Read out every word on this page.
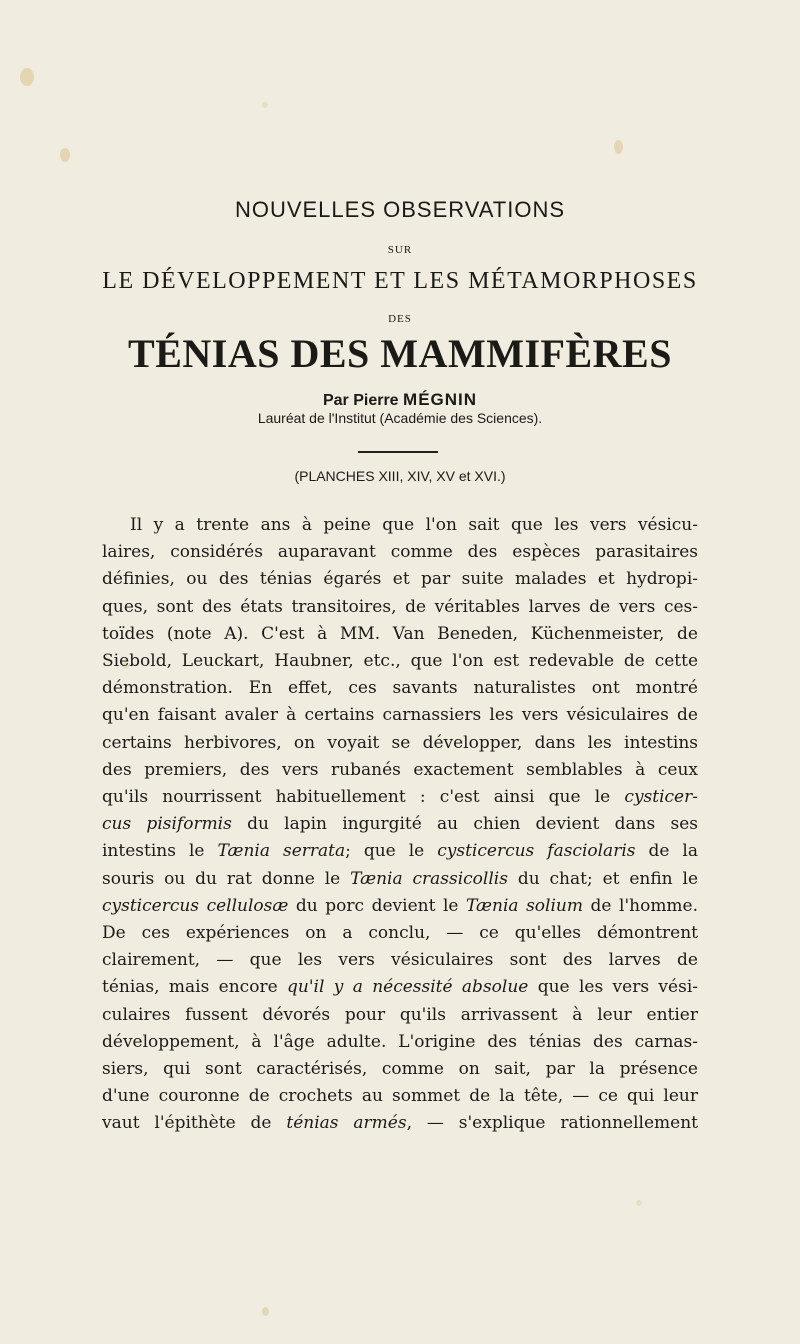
NOUVELLES OBSERVATIONS
SUR
LE DÉVELOPPEMENT ET LES MÉTAMORPHOSES
DES
TÉNIAS DES MAMMIFÈRES
Par Pierre MÉGNIN
Lauréat de l'Institut (Académie des Sciences).
(PLANCHES XIII, XIV, XV et XVI.)
Il y a trente ans à peine que l'on sait que les vers vésicu-
laires, considérés auparavant comme des espèces parasitaires
définies, ou des ténias égarés et par suite malades et hydropi-
ques, sont des états transitoires, de véritables larves de vers ces-
toïdes (note A). C'est à MM. Van Beneden, Küchenmeister, de
Siebold, Leuckart, Haubner, etc., que l'on est redevable de cette
démonstration. En effet, ces savants naturalistes ont montré
qu'en faisant avaler à certains carnassiers les vers vésiculaires de
certains herbivores, on voyait se développer, dans les intestins
des premiers, des vers rubanés exactement semblables à ceux
qu'ils nourrissent habituellement : c'est ainsi que le cysticer-
cus pisiformis du lapin ingurgité au chien devient dans ses
intestins le Tænia serrata; que le cysticercus fasciolaris de la
souris ou du rat donne le Tænia crassicollis du chat; et enfin le
cysticercus cellulosæ du porc devient le Tænia solium de l'homme.
De ces expériences on a conclu, — ce qu'elles démontrent
clairement, — que les vers vésiculaires sont des larves de
ténias, mais encore qu'il y a nécessité absolue que les vers vési-
culaires fussent dévorés pour qu'ils arrivassent à leur entier
développement, à l'âge adulte. L'origine des ténias des carnas-
siers, qui sont caractérisés, comme on sait, par la présence
d'une couronne de crochets au sommet de la tête, — ce qui leur
vaut l'épithète de ténias armés, — s'explique rationnellement
